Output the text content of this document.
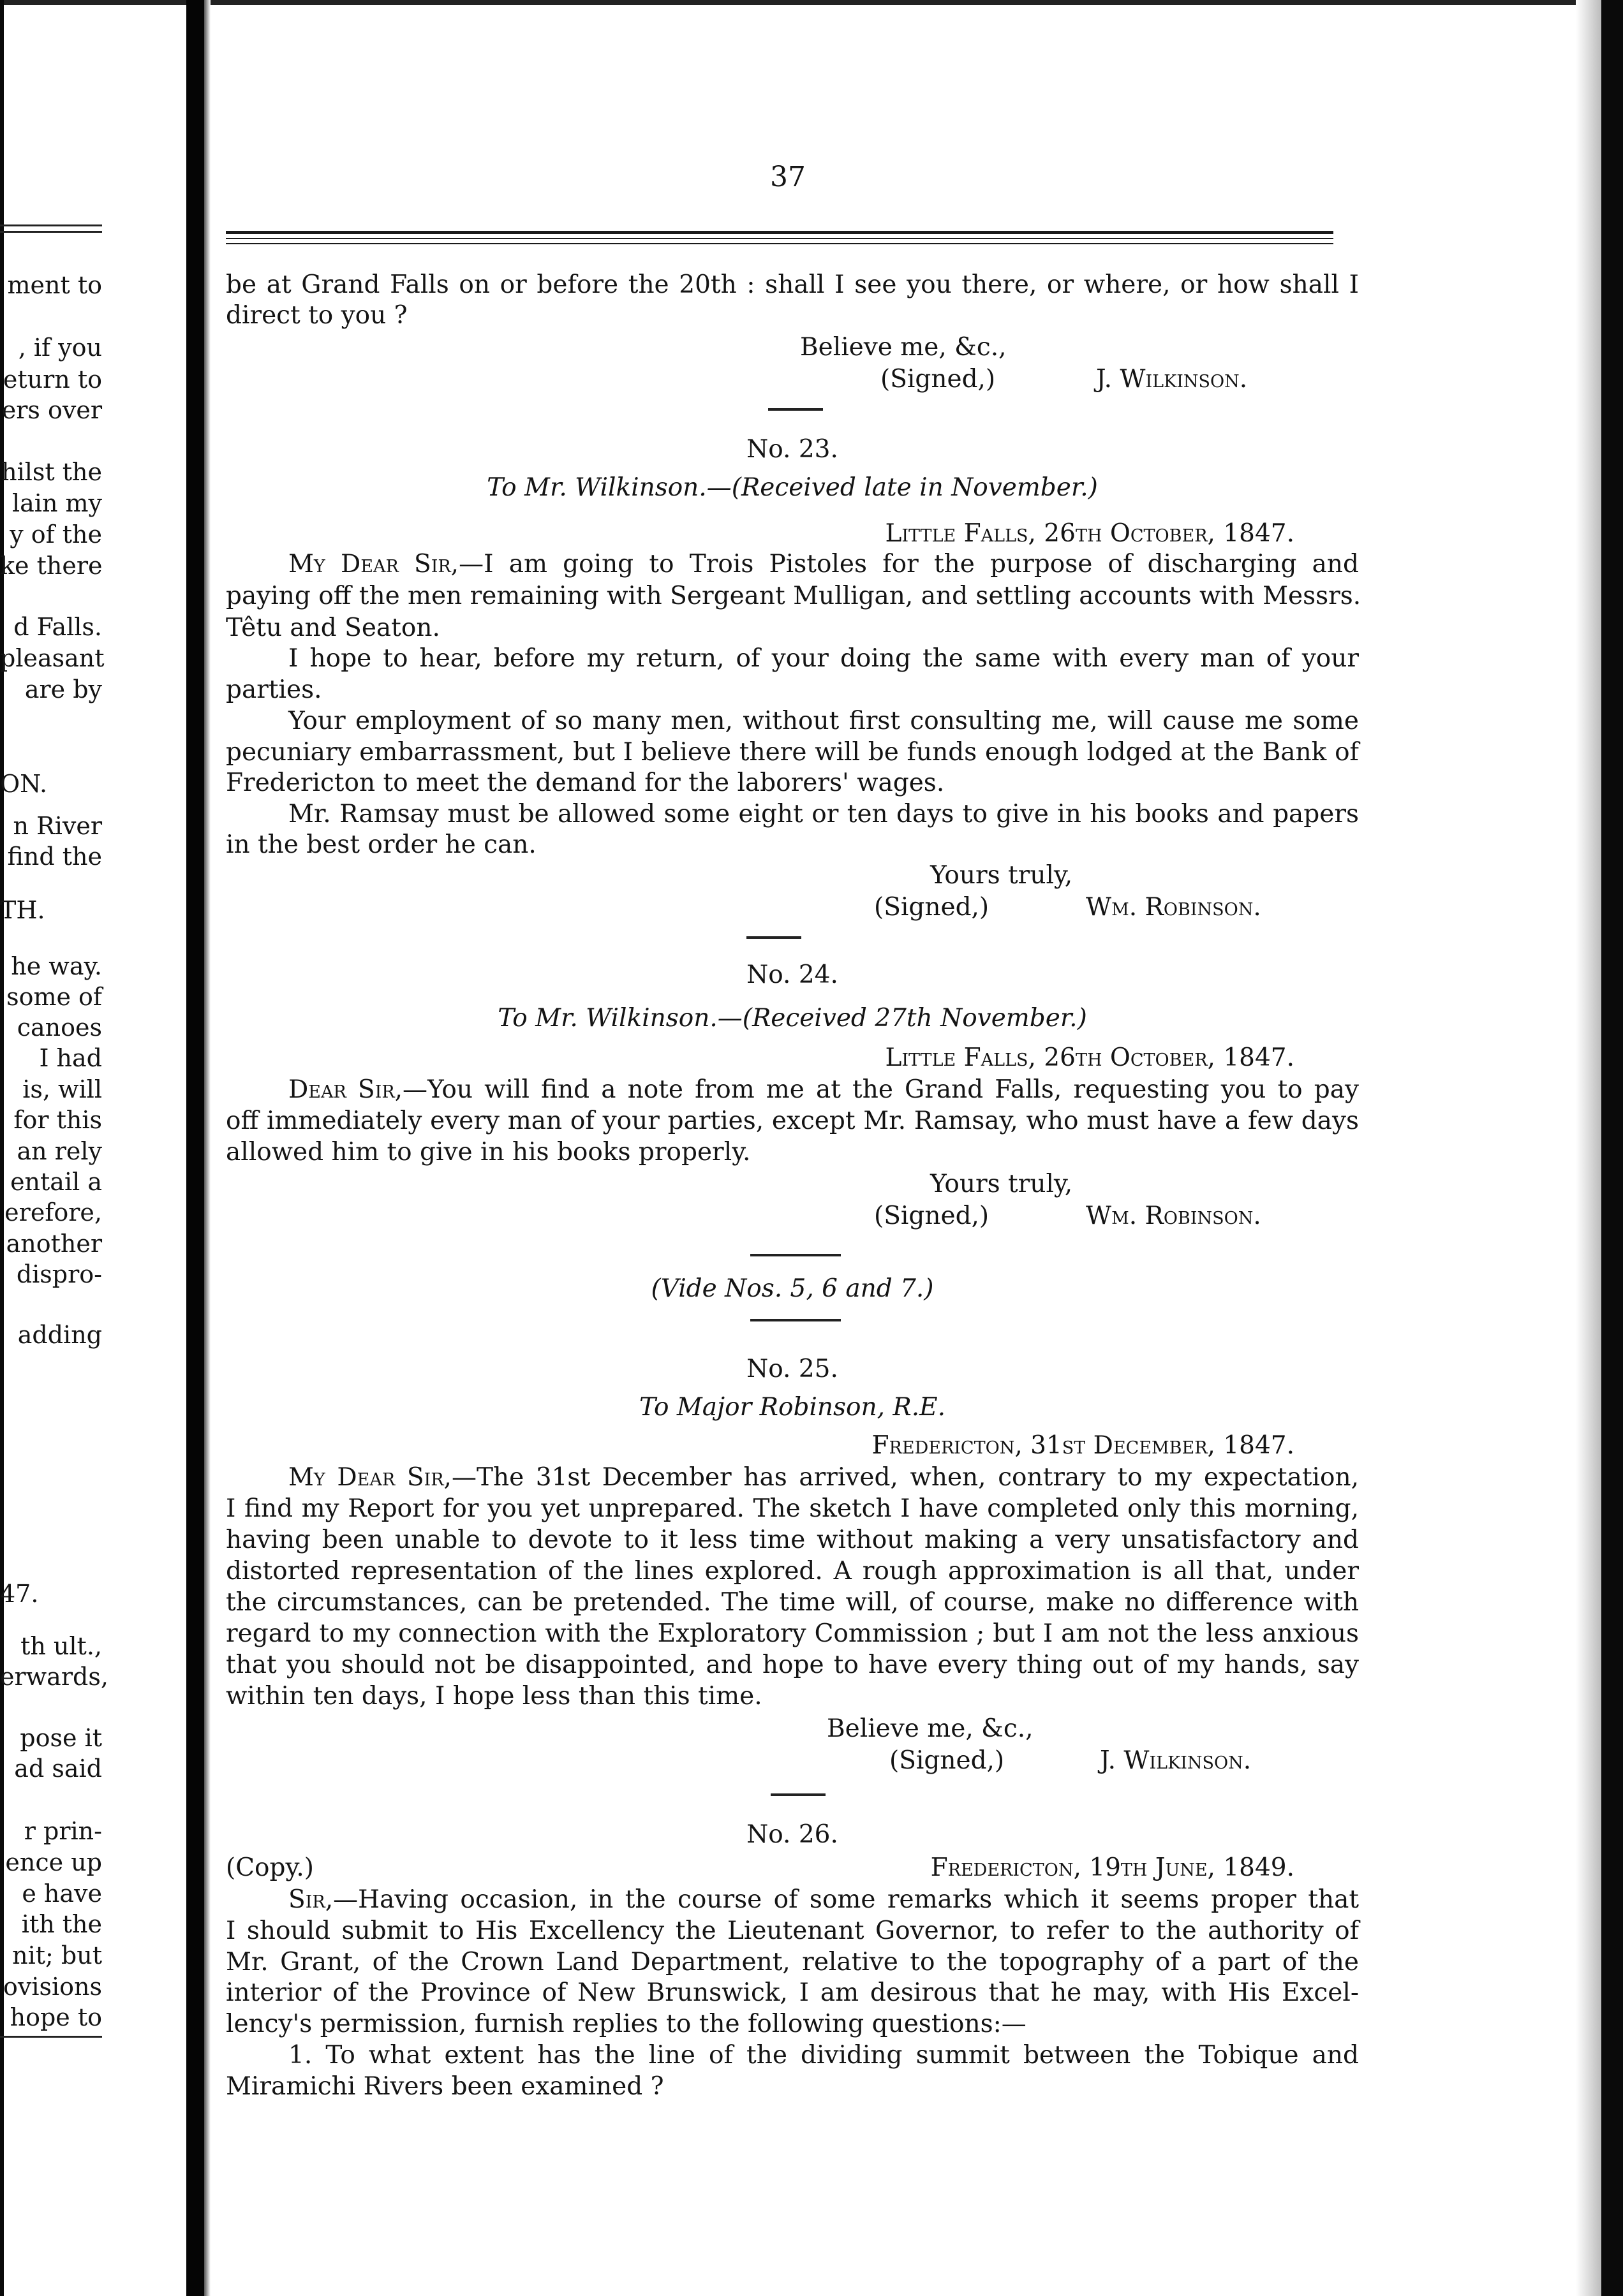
ment to
, if you
eturn to
ers over
hilst the
lain my
y of the
ke there
d Falls.
pleasant
are by
ON.
n River
find the
TH.
he way.
some of
canoes
I had
is, will
for this
an rely
entail a
erefore,
another
dispro-
adding
47.
th ult.,
erwards,
pose it
ad said
r prin-
ence up
e have
ith the
nit; but
ovisions
hope to
37
be at Grand Falls on or before the 20th : shall I see you there, or where, or how shall I
direct to you ?
Believe me, &c.,
(Signed,)	J. Wilkinson.
No. 23.
To Mr. Wilkinson.—(Received late in November.)
Little Falls, 26th October, 1847.
My Dear Sir,—I am going to Trois Pistoles for the purpose of discharging and
paying off the men remaining with Sergeant Mulligan, and settling accounts with Messrs.
Têtu and Seaton.
I hope to hear, before my return, of your doing the same with every man of your
parties.
Your employment of so many men, without first consulting me, will cause me some
pecuniary embarrassment, but I believe there will be funds enough lodged at the Bank of
Fredericton to meet the demand for the laborers' wages.
Mr. Ramsay must be allowed some eight or ten days to give in his books and papers
in the best order he can.
Yours truly,
(Signed,)	Wm. Robinson.
No. 24.
To Mr. Wilkinson.—(Received 27th November.)
Little Falls, 26th October, 1847.
Dear Sir,—You will find a note from me at the Grand Falls, requesting you to pay
off immediately every man of your parties, except Mr. Ramsay, who must have a few days
allowed him to give in his books properly.
Yours truly,
(Signed,)	Wm. Robinson.
(Vide Nos. 5, 6 and 7.)
No. 25.
To Major Robinson, R.E.
Fredericton, 31st December, 1847.
My Dear Sir,—The 31st December has arrived, when, contrary to my expectation,
I find my Report for you yet unprepared. The sketch I have completed only this morning,
having been unable to devote to it less time without making a very unsatisfactory and
distorted representation of the lines explored. A rough approximation is all that, under
the circumstances, can be pretended. The time will, of course, make no difference with
regard to my connection with the Exploratory Commission ; but I am not the less anxious
that you should not be disappointed, and hope to have every thing out of my hands, say
within ten days, I hope less than this time.
Believe me, &c.,
(Signed,)	J. Wilkinson.
No. 26.
(Copy.)	Fredericton, 19th June, 1849.
Sir,—Having occasion, in the course of some remarks which it seems proper that
I should submit to His Excellency the Lieutenant Governor, to refer to the authority of
Mr. Grant, of the Crown Land Department, relative to the topography of a part of the
interior of the Province of New Brunswick, I am desirous that he may, with His Excel-
lency's permission, furnish replies to the following questions:—
1. To what extent has the line of the dividing summit between the Tobique and
Miramichi Rivers been examined ?
